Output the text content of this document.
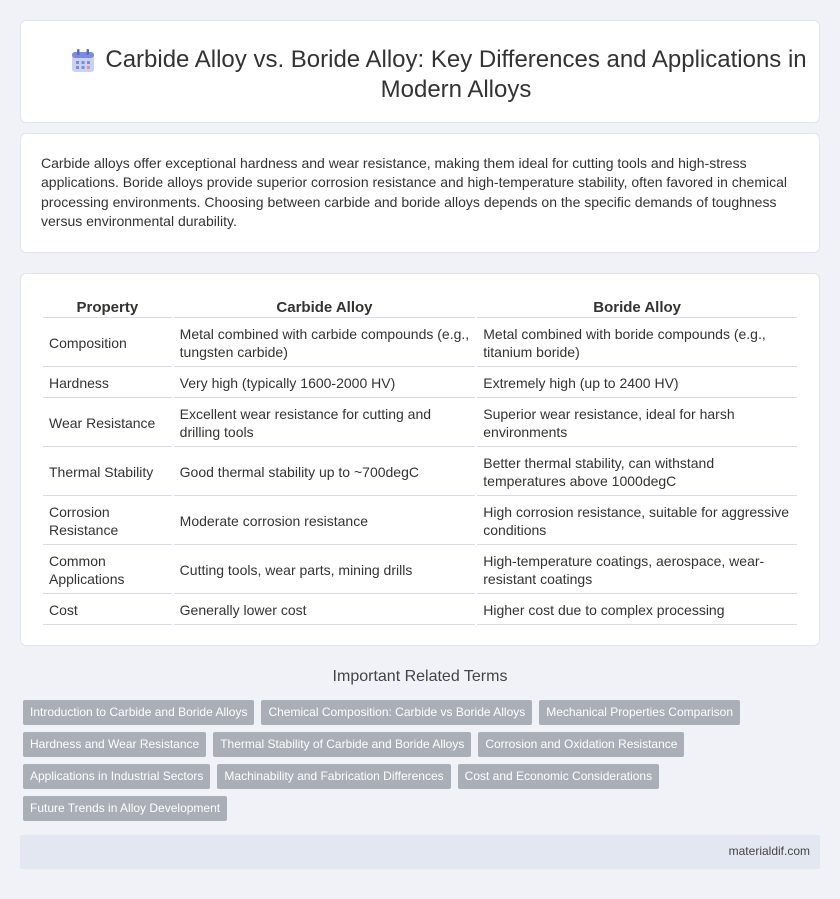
Carbide Alloy vs. Boride Alloy: Key Differences and Applications in Modern Alloys

Carbide alloys offer exceptional hardness and wear resistance, making them ideal for cutting tools and high-stress applications. Boride alloys provide superior corrosion resistance and high-temperature stability, often favored in chemical processing environments. Choosing between carbide and boride alloys depends on the specific demands of toughness versus environmental durability.

Property	Carbide Alloy	Boride Alloy
Composition	Metal combined with carbide compounds (e.g., tungsten carbide)	Metal combined with boride compounds (e.g., titanium boride)
Hardness	Very high (typically 1600-2000 HV)	Extremely high (up to 2400 HV)
Wear Resistance	Excellent wear resistance for cutting and drilling tools	Superior wear resistance, ideal for harsh environments
Thermal Stability	Good thermal stability up to ~700degC	Better thermal stability, can withstand temperatures above 1000degC
Corrosion Resistance	Moderate corrosion resistance	High corrosion resistance, suitable for aggressive conditions
Common Applications	Cutting tools, wear parts, mining drills	High-temperature coatings, aerospace, wear-resistant coatings
Cost	Generally lower cost	Higher cost due to complex processing
Important Related Terms
Introduction to Carbide and Boride Alloys	Chemical Composition: Carbide vs Boride Alloys	Mechanical Properties Comparison
Hardness and Wear Resistance	Thermal Stability of Carbide and Boride Alloys	Corrosion and Oxidation Resistance
Applications in Industrial Sectors	Machinability and Fabrication Differences	Cost and Economic Considerations
Future Trends in Alloy Development
materialdif.com
